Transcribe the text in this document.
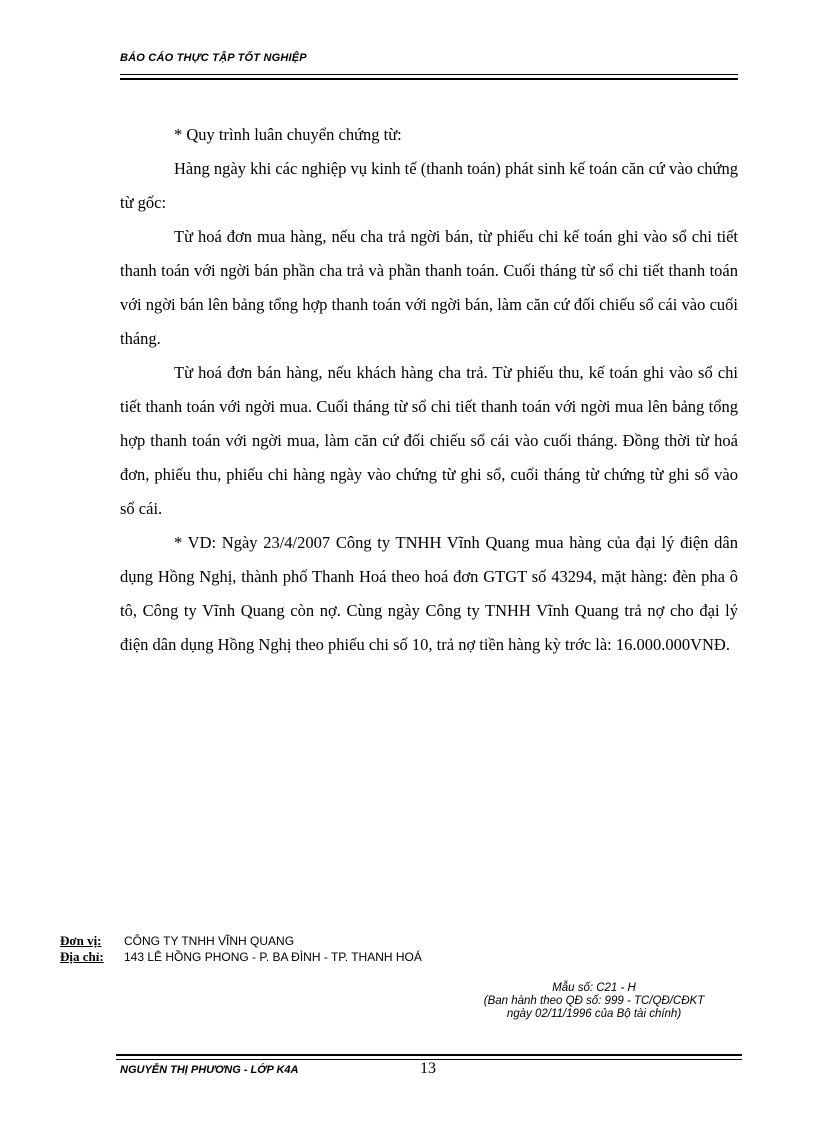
BÁO CÁO THỰC TẬP TỐT NGHIỆP

* Quy trình luân chuyển chứng từ:

Hàng ngày khi các nghiệp vụ kinh tế (thanh toán) phát sinh kế toán căn cứ vào chứng từ gốc:

Từ hoá đơn mua hàng, nếu cha trả ngời bán, từ phiếu chi kế toán ghi vào sổ chi tiết thanh toán với ngời bán phần cha trả và phần thanh toán. Cuối tháng từ sổ chi tiết thanh toán với ngời bán lên bảng tổng hợp thanh toán với ngời bán, làm căn cứ đối chiếu sổ cái vào cuối tháng.

Từ hoá đơn bán hàng, nếu khách hàng cha trả. Từ phiếu thu, kế toán ghi vào sổ chi tiết thanh toán với ngời mua. Cuối tháng từ sổ chi tiết thanh toán với ngời mua lên bảng tổng hợp thanh toán với ngời mua, làm căn cứ đối chiếu sổ cái vào cuối tháng. Đồng thời từ hoá đơn, phiếu thu, phiếu chi hàng ngày vào chứng từ ghi sổ, cuối tháng từ chứng từ ghi sổ vào sổ cái.

* VD: Ngày 23/4/2007 Công ty TNHH Vĩnh Quang mua hàng của đại lý điện dân dụng Hồng Nghị, thành phố Thanh Hoá theo hoá đơn GTGT số 43294, mặt hàng: đèn pha ô tô, Công ty Vĩnh Quang còn nợ. Cùng ngày Công ty TNHH Vĩnh Quang trả nợ cho đại lý điện dân dụng Hồng Nghị theo phiếu chi số 10, trả nợ tiền hàng kỳ trớc là: 16.000.000VNĐ.

Đơn vị:	CÔNG TY TNHH VĨNH QUANG
Địa chỉ:	143 LÊ HỒNG PHONG - P. BA ĐÌNH - TP. THANH HOÁ
Mẫu số: C21 - H
(Ban hành theo QĐ số: 999 - TC/QĐ/CĐKT
ngày 02/11/1996 của Bộ tài chính)
NGUYỄN THỊ PHƯƠNG - LỚP K4A	13
